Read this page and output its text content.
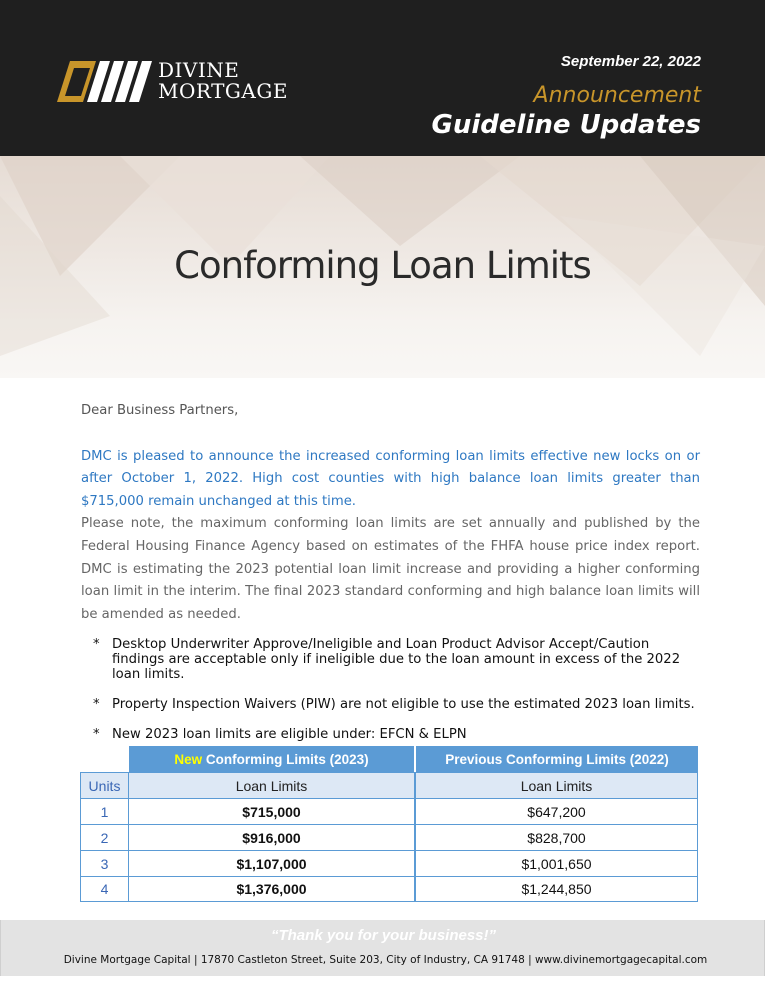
DIVINE
MORTGAGE
September 22, 2022
Announcement
Guideline Updates
Conforming Loan Limits

Dear Business Partners,

DMC is pleased to announce the increased conforming loan limits effective new locks on or after October 1, 2022. High cost counties with high balance loan limits greater than $715,000 remain unchanged at this time.

Please note, the maximum conforming loan limits are set annually and published by the Federal Housing Finance Agency based on estimates of the FHFA house price index report. DMC is estimating the 2023 potential loan limit increase and providing a higher conforming loan limit in the interim. The final 2023 standard conforming and high balance loan limits will be amended as needed.

* Desktop Underwriter Approve/Ineligible and Loan Product Advisor Accept/Caution findings are acceptable only if ineligible due to the loan amount in excess of the 2022 loan limits.
* Property Inspection Waivers (PIW) are not eligible to use the estimated 2023 loan limits.
* New 2023 loan limits are eligible under: EFCN & ELPN
	New Conforming Limits (2023)	Previous Conforming Limits (2022)
Units	Loan Limits	Loan Limits
1	$715,000	$647,200
2	$916,000	$828,700
3	$1,107,000	$1,001,650
4	$1,376,000	$1,244,850
“Thank you for your business!”
Divine Mortgage Capital | 17870 Castleton Street, Suite 203, City of Industry, CA 91748 | www.divinemortgagecapital.com
